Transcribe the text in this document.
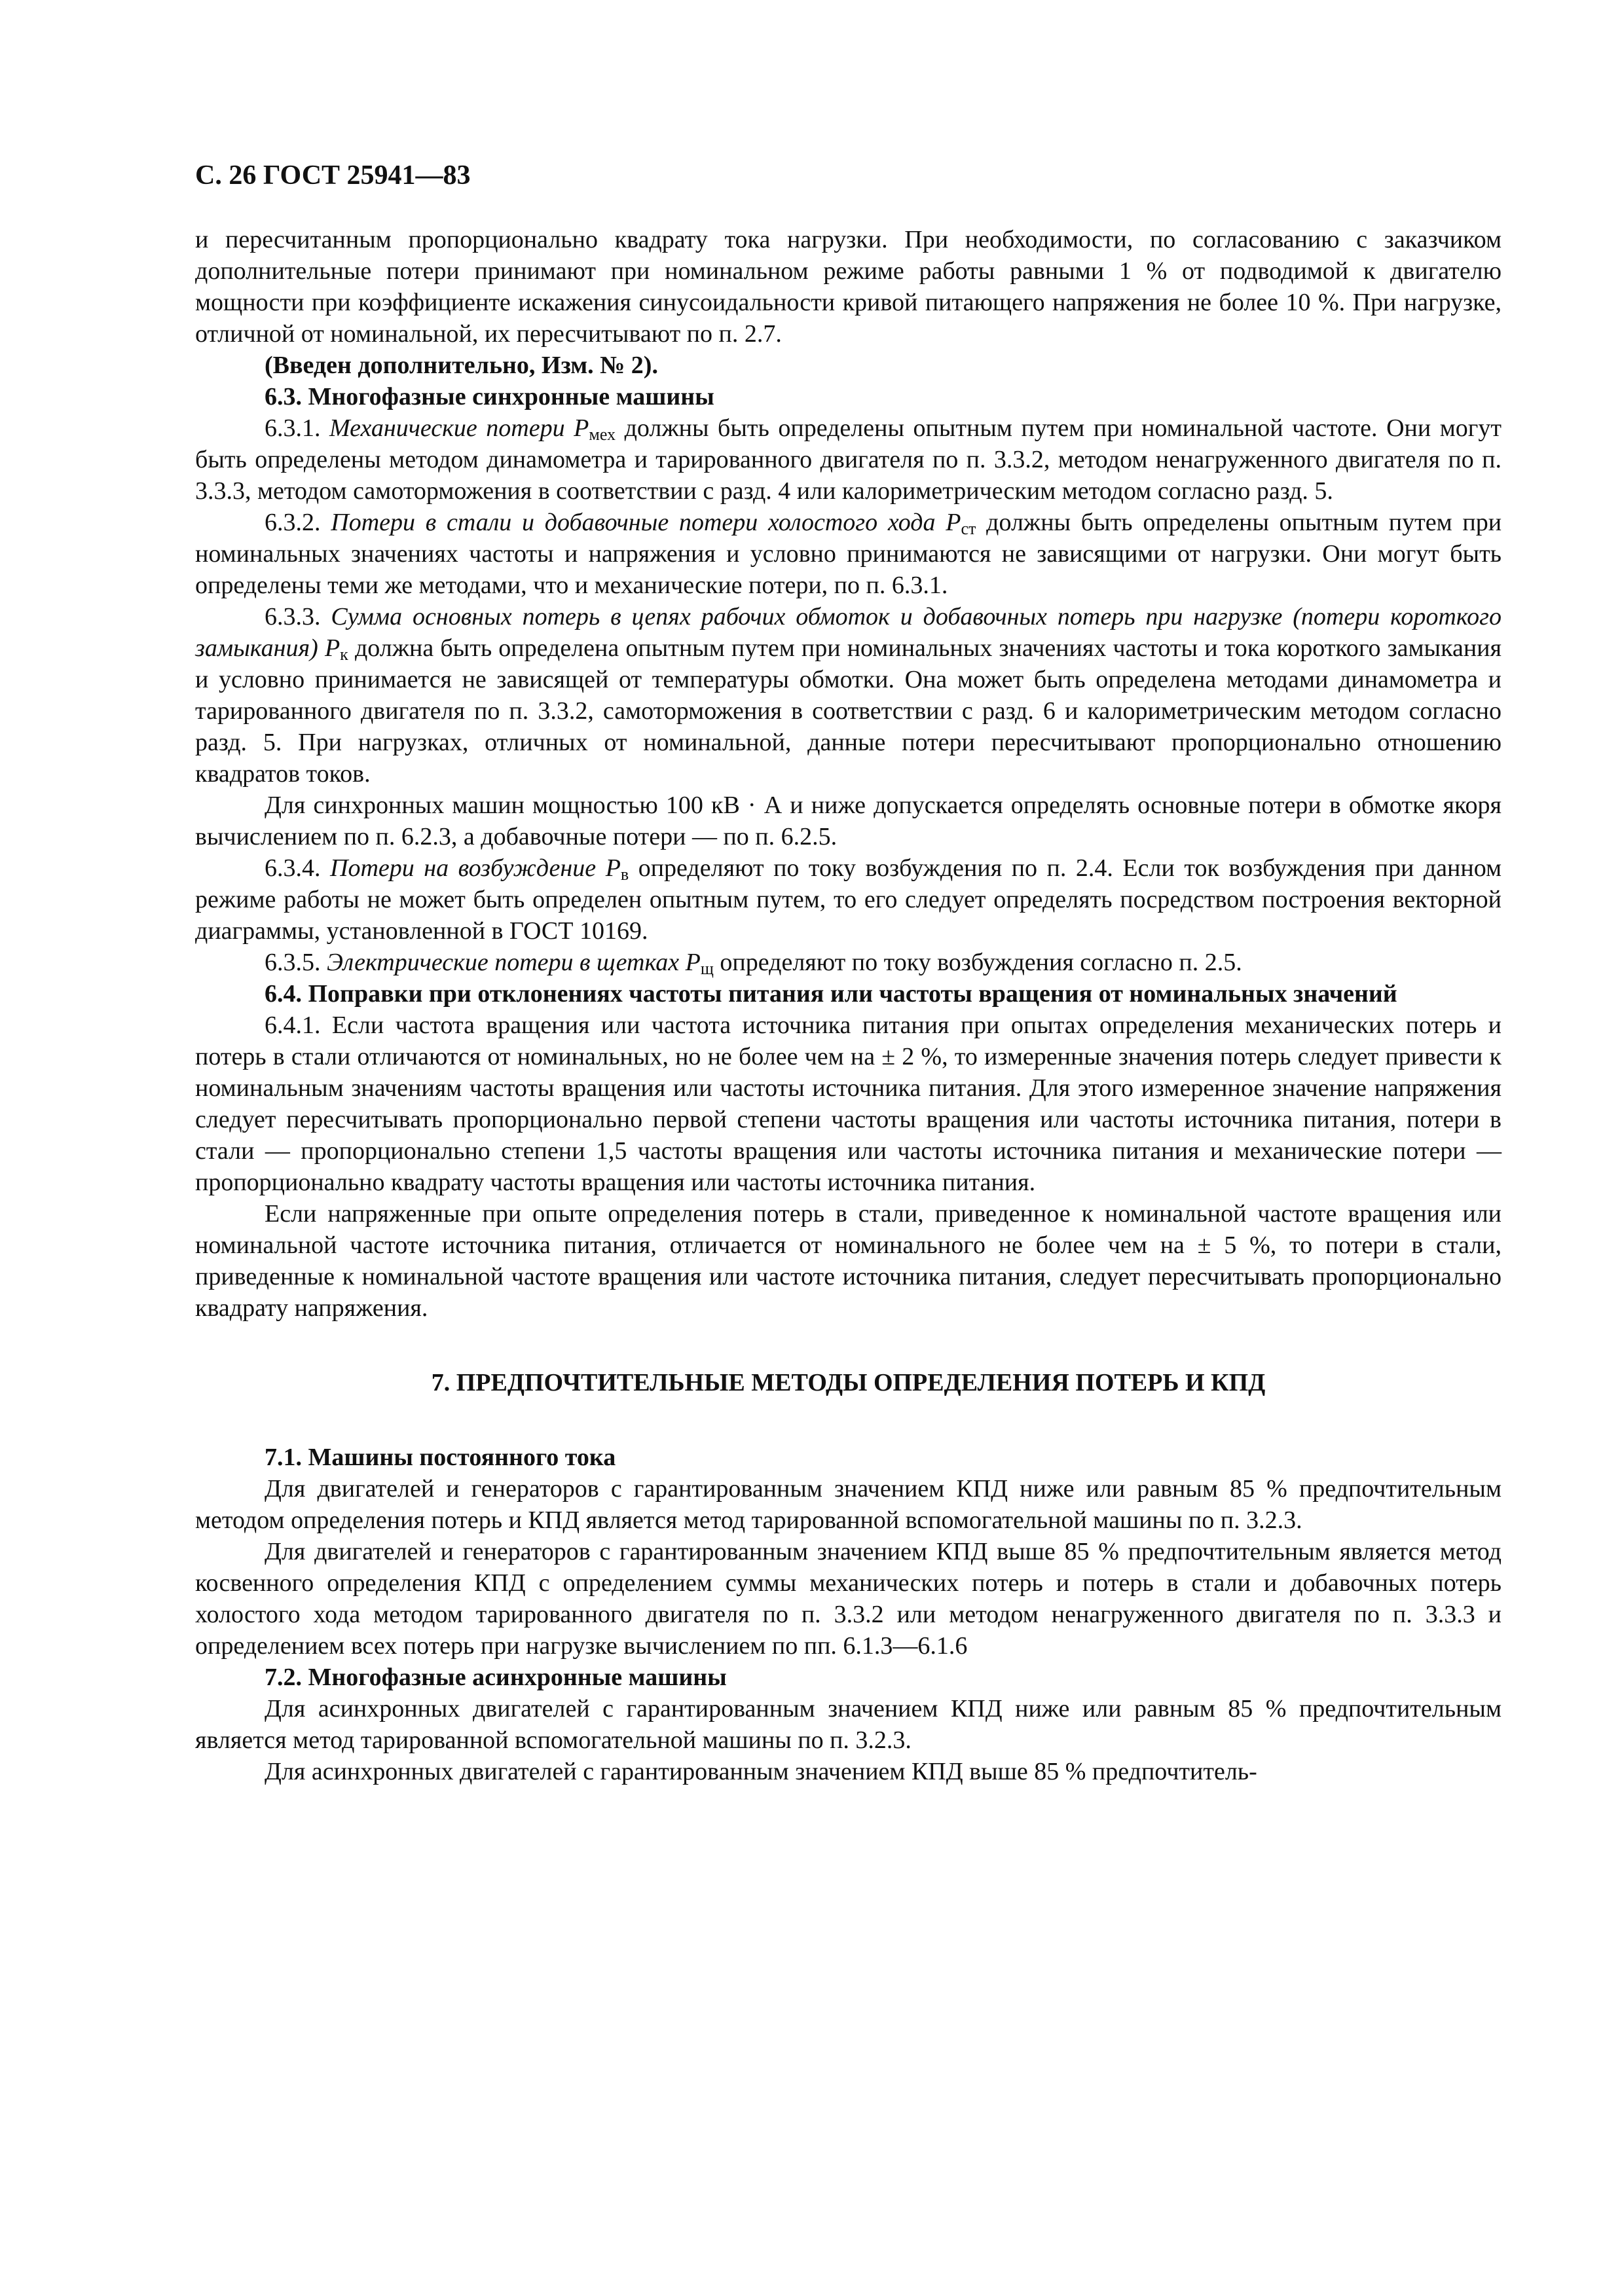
С. 26 ГОСТ 25941—83

и пересчитанным пропорционально квадрату тока нагрузки. При необходимости, по согласованию с заказчиком дополнительные потери принимают при номинальном режиме работы равными 1 % от подводимой к двигателю мощности при коэффициенте искажения синусоидальности кривой питающего напряжения не более 10 %. При нагрузке, отличной от номинальной, их пересчитывают по п. 2.7.

(Введен дополнительно, Изм. № 2).

6.3. Многофазные синхронные машины

6.3.1. Механические потери $P_{мех}$ должны быть определены опытным путем при номинальной частоте. Они могут быть определены методом динамометра и тарированного двигателя по п. 3.3.2, методом ненагруженного двигателя по п. 3.3.3, методом самоторможения в соответствии с разд. 4 или калориметрическим методом согласно разд. 5.

6.3.2. Потери в стали и добавочные потери холостого хода $P_{ст}$ должны быть определены опытным путем при номинальных значениях частоты и напряжения и условно принимаются не зависящими от нагрузки. Они могут быть определены теми же методами, что и механические потери, по п. 6.3.1.

6.3.3. Сумма основных потерь в цепях рабочих обмоток и добавочных потерь при нагрузке (потери короткого замыкания) $P_к$ должна быть определена опытным путем при номинальных значениях частоты и тока короткого замыкания и условно принимается не зависящей от температуры обмотки. Она может быть определена методами динамометра и тарированного двигателя по п. 3.3.2, самоторможения в соответствии с разд. 6 и калориметрическим методом согласно разд. 5. При нагрузках, отличных от номинальной, данные потери пересчитывают пропорционально отношению квадратов токов.

Для синхронных машин мощностью 100 кВ · А и ниже допускается определять основные потери в обмотке якоря вычислением по п. 6.2.3, а добавочные потери — по п. 6.2.5.

6.3.4. Потери на возбуждение $P_в$ определяют по току возбуждения по п. 2.4. Если ток возбуждения при данном режиме работы не может быть определен опытным путем, то его следует определять посредством построения векторной диаграммы, установленной в ГОСТ 10169.

6.3.5. Электрические потери в щетках $P_щ$ определяют по току возбуждения согласно п. 2.5.

6.4. Поправки при отклонениях частоты питания или частоты вращения от номинальных значений

6.4.1. Если частота вращения или частота источника питания при опытах определения механических потерь и потерь в стали отличаются от номинальных, но не более чем на ± 2 %, то измеренные значения потерь следует привести к номинальным значениям частоты вращения или частоты источника питания. Для этого измеренное значение напряжения следует пересчитывать пропорционально первой степени частоты вращения или частоты источника питания, потери в стали — пропорционально степени 1,5 частоты вращения или частоты источника питания и механические потери — пропорционально квадрату частоты вращения или частоты источника питания.

Если напряженные при опыте определения потерь в стали, приведенное к номинальной частоте вращения или номинальной частоте источника питания, отличается от номинального не более чем на ± 5 %, то потери в стали, приведенные к номинальной частоте вращения или частоте источника питания, следует пересчитывать пропорционально квадрату напряжения.

7. ПРЕДПОЧТИТЕЛЬНЫЕ МЕТОДЫ ОПРЕДЕЛЕНИЯ ПОТЕРЬ И КПД

7.1. Машины постоянного тока

Для двигателей и генераторов с гарантированным значением КПД ниже или равным 85 % предпочтительным методом определения потерь и КПД является метод тарированной вспомогательной машины по п. 3.2.3.

Для двигателей и генераторов с гарантированным значением КПД выше 85 % предпочтительным является метод косвенного определения КПД с определением суммы механических потерь и потерь в стали и добавочных потерь холостого хода методом тарированного двигателя по п. 3.3.2 или методом ненагруженного двигателя по п. 3.3.3 и определением всех потерь при нагрузке вычислением по пп. 6.1.3—6.1.6

7.2. Многофазные асинхронные машины

Для асинхронных двигателей с гарантированным значением КПД ниже или равным 85 % предпочтительным является метод тарированной вспомогательной машины по п. 3.2.3.

Для асинхронных двигателей с гарантированным значением КПД выше 85 % предпочтитель-
